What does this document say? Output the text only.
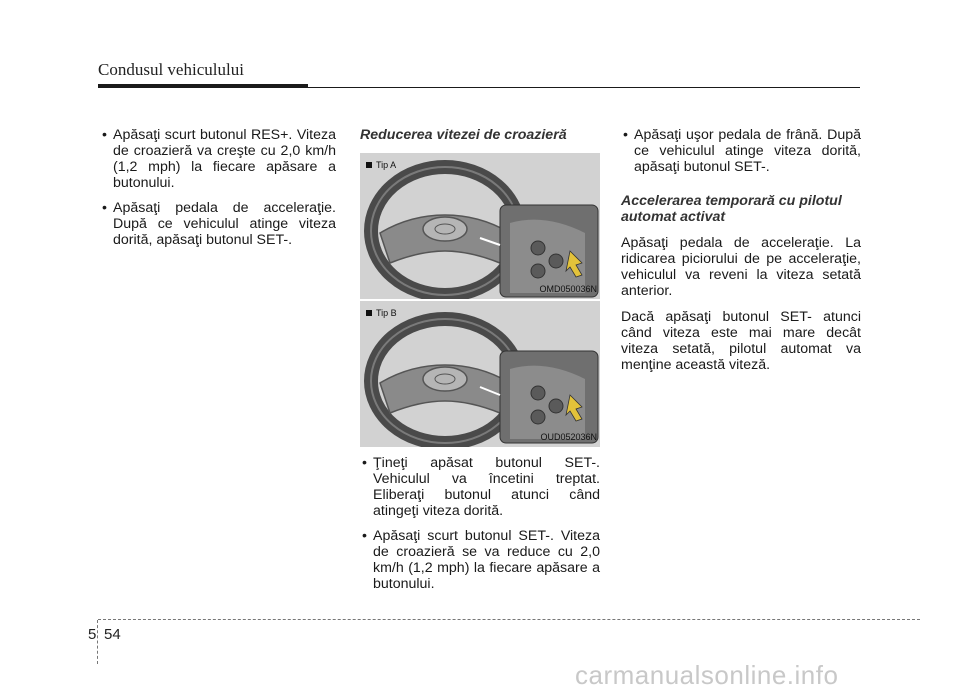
Condusul vehiculului
• Apăsaţi scurt butonul RES+. Viteza de croazieră va creşte cu 2,0 km/h (1,2 mph) la fiecare apăsare a butonului.
• Apăsaţi pedala de acceleraţie. După ce vehiculul atinge viteza dorită, apăsaţi butonul SET-.
Reducerea vitezei de croazieră
Tip A
OMD050036N
Tip B
OUD052036N
• Ţineţi apăsat butonul SET-. Vehiculul va încetini treptat. Eliberaţi butonul atunci când atingeţi viteza dorită.
• Apăsaţi scurt butonul SET-. Viteza de croazieră se va reduce cu 2,0 km/h (1,2 mph) la fiecare apăsare a butonului.
• Apăsaţi uşor pedala de frână. După ce vehiculul atinge viteza dorită, apăsaţi butonul SET-.
Accelerarea temporară cu pilotul automat activat

Apăsaţi pedala de acceleraţie. La ridicarea piciorului de pe acceleraţie, vehiculul va reveni la viteza setată anterior.

Dacă apăsaţi butonul SET- atunci când viteza este mai mare decât viteza setată, pilotul automat va menţine această viteză.

5 54
carmanualsonline.info
